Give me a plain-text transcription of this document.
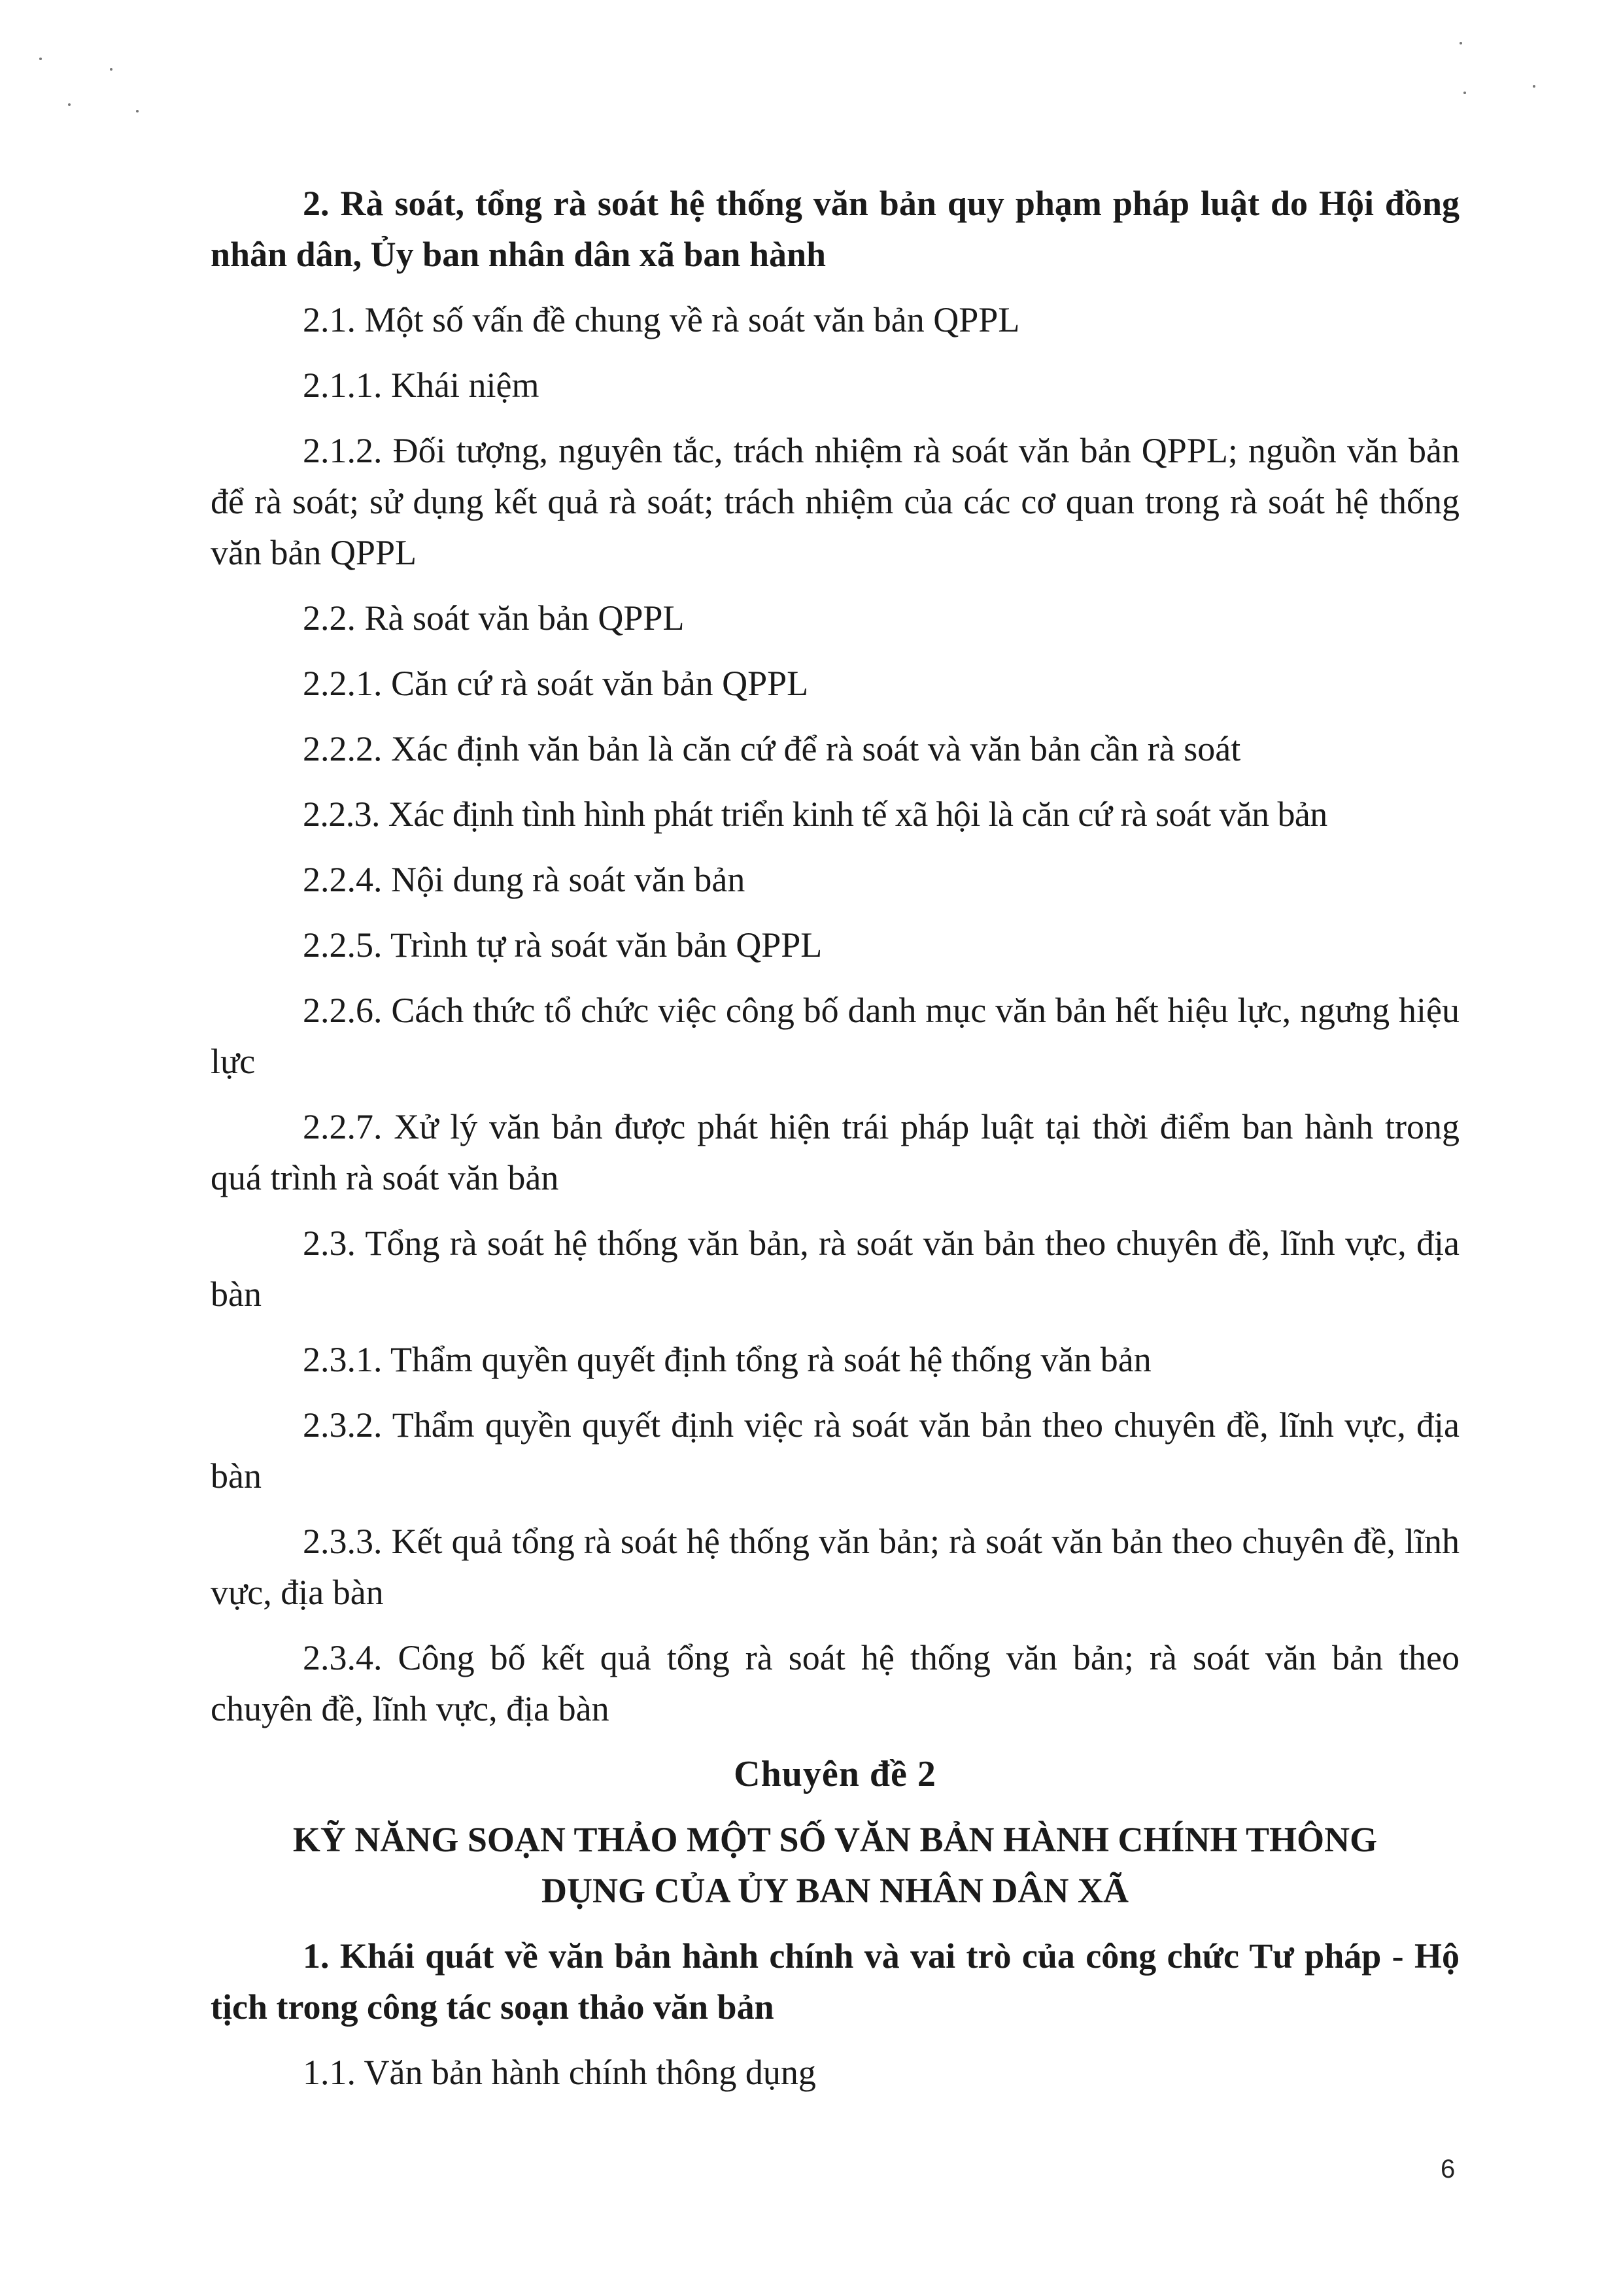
2. Rà soát, tổng rà soát hệ thống văn bản quy phạm pháp luật do Hội đồng nhân dân, Ủy ban nhân dân xã ban hành

2.1. Một số vấn đề chung về rà soát văn bản QPPL

2.1.1. Khái niệm

2.1.2. Đối tượng, nguyên tắc, trách nhiệm rà soát văn bản QPPL; nguồn văn bản để rà soát; sử dụng kết quả rà soát; trách nhiệm của các cơ quan trong rà soát hệ thống văn bản QPPL

2.2. Rà soát văn bản QPPL

2.2.1. Căn cứ rà soát văn bản QPPL

2.2.2. Xác định văn bản là căn cứ để rà soát và văn bản cần rà soát

2.2.3. Xác định tình hình phát triển kinh tế xã hội là căn cứ rà soát văn bản

2.2.4. Nội dung rà soát văn bản

2.2.5. Trình tự rà soát văn bản QPPL

2.2.6. Cách thức tổ chức việc công bố danh mục văn bản hết hiệu lực, ngưng hiệu lực

2.2.7. Xử lý văn bản được phát hiện trái pháp luật tại thời điểm ban hành trong quá trình rà soát văn bản

2.3. Tổng rà soát hệ thống văn bản, rà soát văn bản theo chuyên đề, lĩnh vực, địa bàn

2.3.1. Thẩm quyền quyết định tổng rà soát hệ thống văn bản

2.3.2. Thẩm quyền quyết định việc rà soát văn bản theo chuyên đề, lĩnh vực, địa bàn

2.3.3. Kết quả tổng rà soát hệ thống văn bản; rà soát văn bản theo chuyên đề, lĩnh vực, địa bàn

2.3.4. Công bố kết quả tổng rà soát hệ thống văn bản; rà soát văn bản theo chuyên đề, lĩnh vực, địa bàn

Chuyên đề 2

KỸ NĂNG SOẠN THẢO MỘT SỐ VĂN BẢN HÀNH CHÍNH THÔNG DỤNG CỦA ỦY BAN NHÂN DÂN XÃ

1. Khái quát về văn bản hành chính và vai trò của công chức Tư pháp - Hộ tịch trong công tác soạn thảo văn bản

1.1. Văn bản hành chính thông dụng

6
